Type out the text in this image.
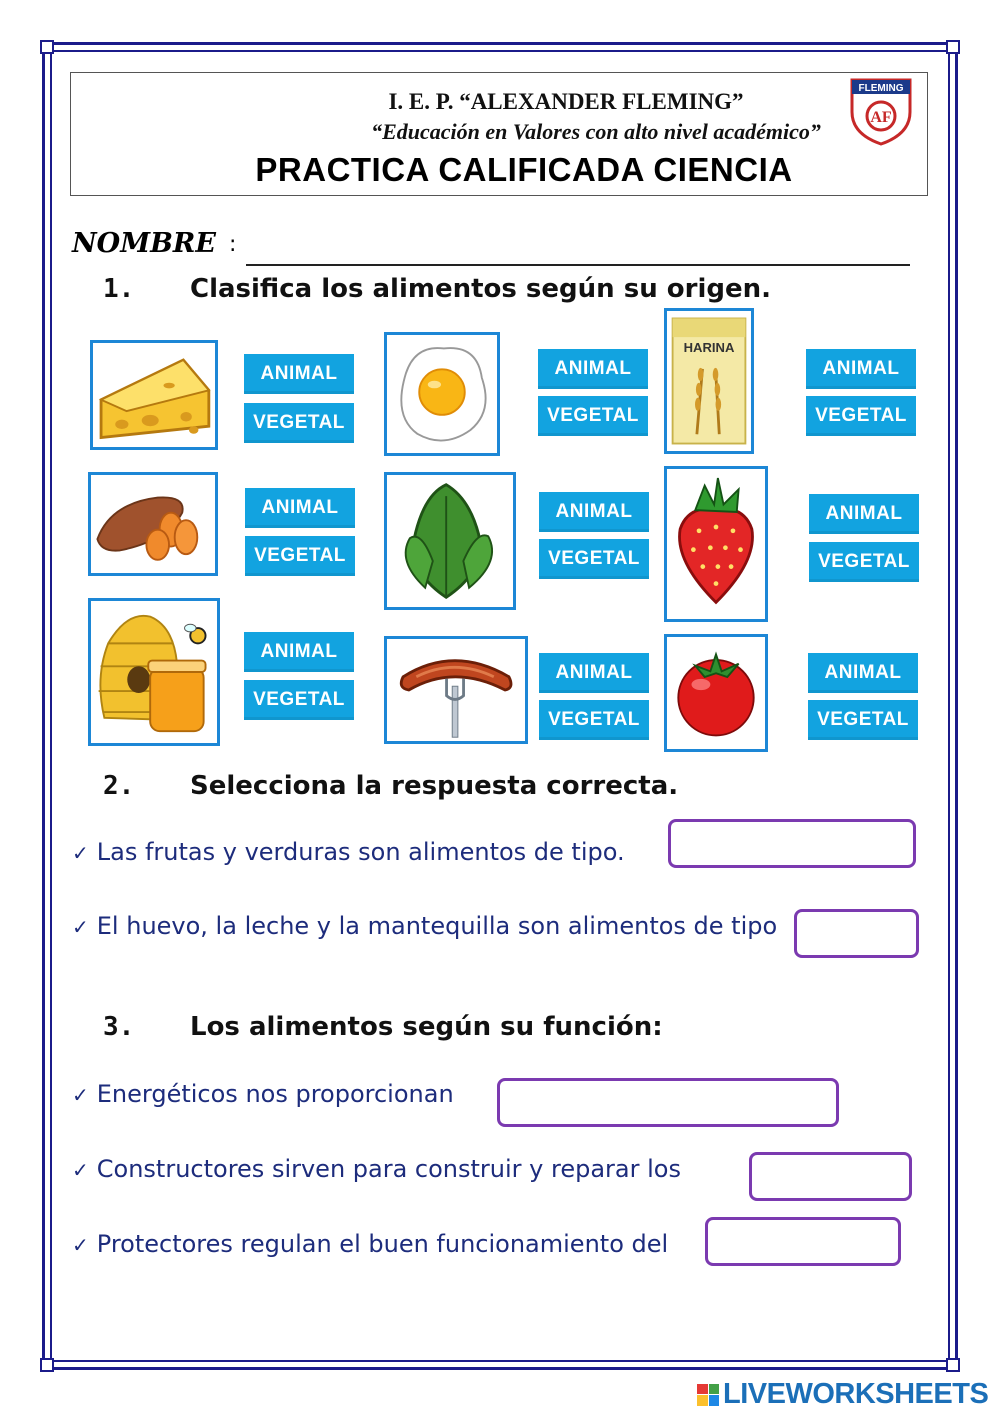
I. E. P. “ALEXANDER FLEMING”
“Educación en Valores con alto nivel académico”
PRACTICA CALIFICADA CIENCIA
FLEMING
AF
NOMBRE :
1. Clasifica los alimentos según su origen.
ANIMAL
VEGETAL
ANIMAL
VEGETAL
HARINA
ANIMAL
VEGETAL
ANIMAL
VEGETAL
ANIMAL
VEGETAL
ANIMAL
VEGETAL
ANIMAL
VEGETAL
ANIMAL
VEGETAL
ANIMAL
VEGETAL
2. Selecciona la respuesta correcta.
✓ Las frutas y verduras son alimentos de tipo.
✓ El huevo, la leche y la mantequilla son alimentos de tipo
3. Los alimentos según su función:
✓ Energéticos nos proporcionan
✓ Constructores sirven para construir y reparar los
✓ Protectores regulan el buen funcionamiento del
LIVEWORKSHEETS
